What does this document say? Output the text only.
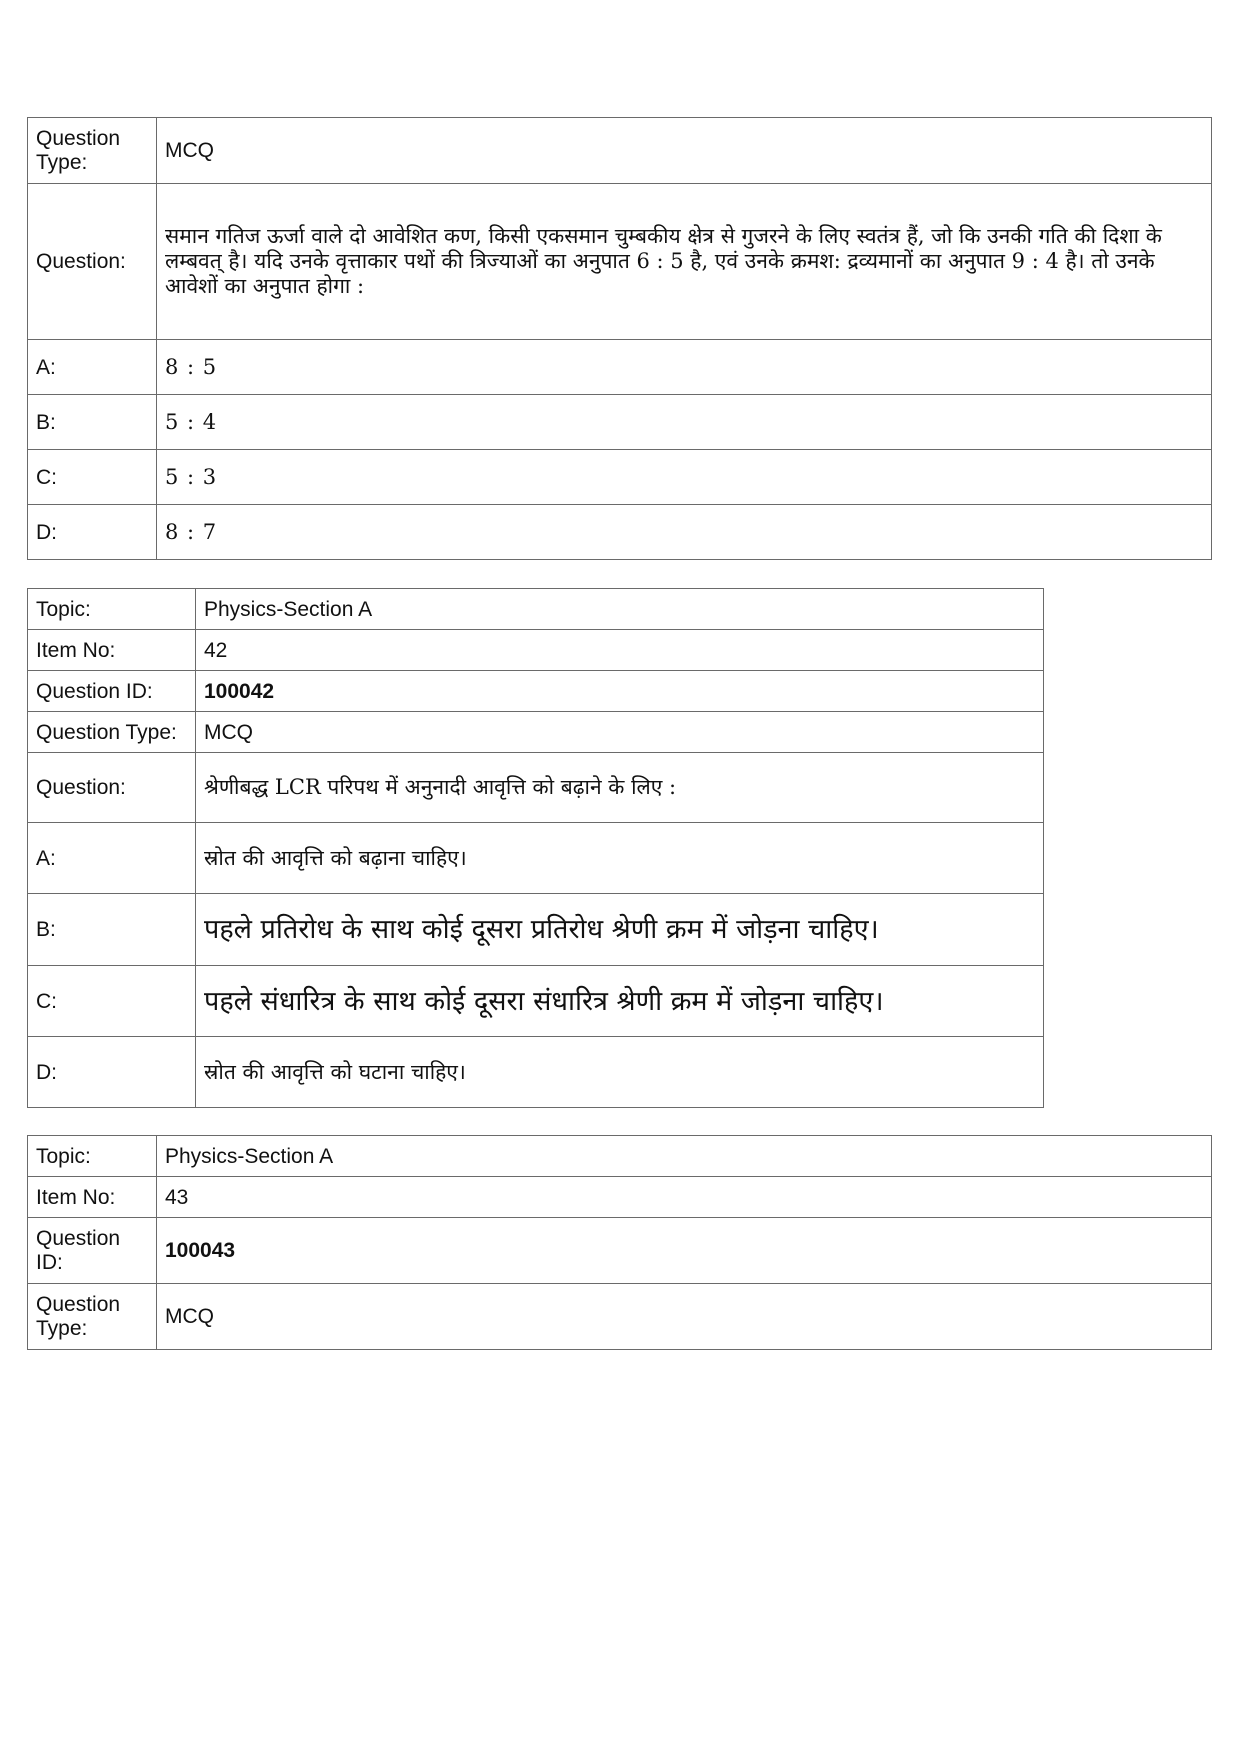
Question Type:	MCQ
Question:	समान गतिज ऊर्जा वाले दो आवेशित कण, किसी एकसमान चुम्बकीय क्षेत्र से गुजरने के लिए स्वतंत्र हैं, जो कि उनकी गति की दिशा के लम्बवत् है। यदि उनके वृत्ताकार पथों की त्रिज्याओं का अनुपात 6 : 5 है, एवं उनके क्रमश: द्रव्यमानों का अनुपात 9 : 4 है। तो उनके आवेशों का अनुपात होगा :
A:	8 : 5
B:	5 : 4
C:	5 : 3
D:	8 : 7
Topic:	Physics-Section A
Item No:	42
Question ID:	100042
Question Type:	MCQ
Question:	श्रेणीबद्ध LCR परिपथ में अनुनादी आवृत्ति को बढ़ाने के लिए :
A:	स्रोत की आवृत्ति को बढ़ाना चाहिए।
B:	पहले प्रतिरोध के साथ कोई दूसरा प्रतिरोध श्रेणी क्रम में जोड़ना चाहिए।
C:	पहले संधारित्र के साथ कोई दूसरा संधारित्र श्रेणी क्रम में जोड़ना चाहिए।
D:	स्रोत की आवृत्ति को घटाना चाहिए।
Topic:	Physics-Section A
Item No:	43
Question ID:	100043
Question Type:	MCQ
